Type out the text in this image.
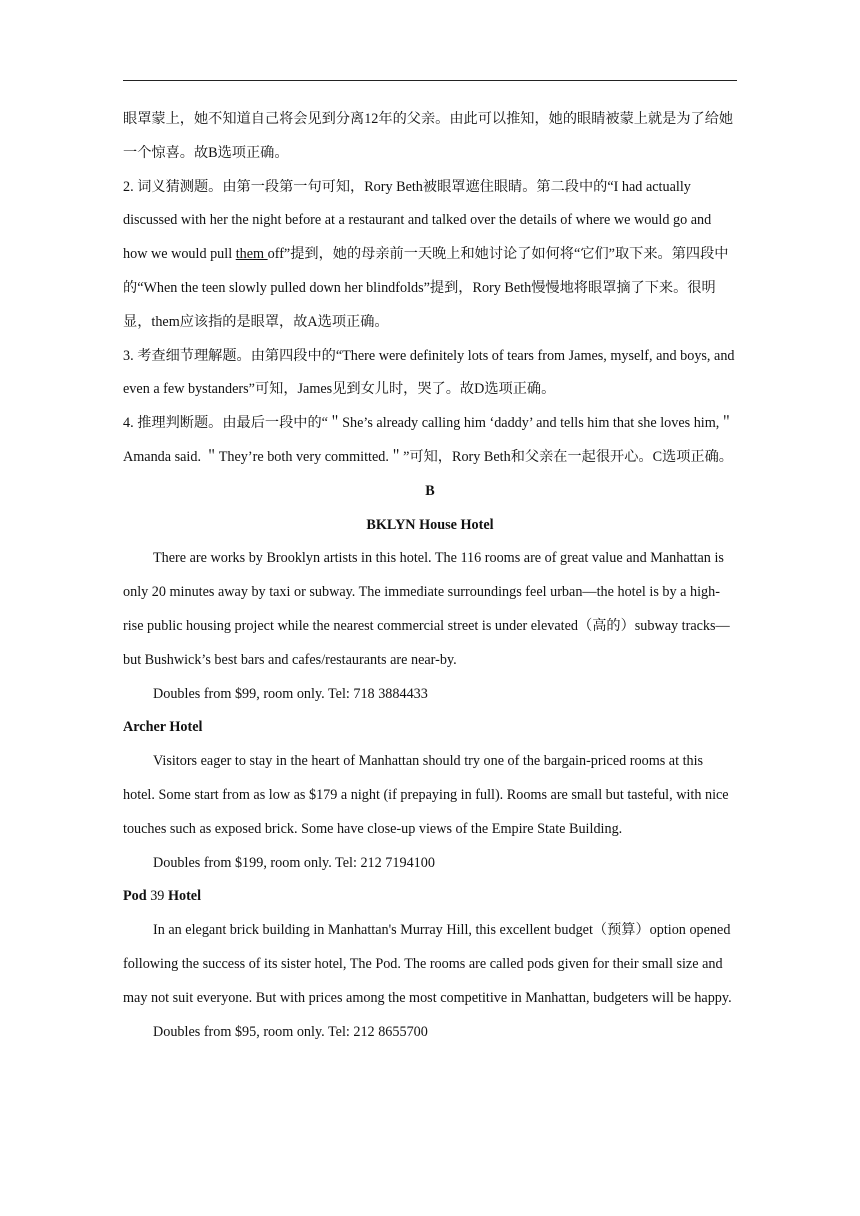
眼罩蒙上，她不知道自己将会见到分离12年的父亲。由此可以推知，她的眼睛被蒙上就是为了给她一个惊喜。故B选项正确。

2. 词义猜测题。由第一段第一句可知，Rory Beth被眼罩遮住眼睛。第二段中的“I had actually discussed with her the night before at a restaurant and talked over the details of where we would go and how we would pull them off”提到，她的母亲前一天晚上和她讨论了如何将“它们”取下来。第四段中的“When the teen slowly pulled down her blindfolds”提到，Rory Beth慢慢地将眼罩摘了下来。很明显，them应该指的是眼罩，故A选项正确。

3. 考查细节理解题。由第四段中的“There were definitely lots of tears from James, myself, and boys, and even a few bystanders”可知，James见到女儿时，哭了。故D选项正确。

4. 推理判断题。由最后一段中的“＂She’s already calling him ‘daddy’ and tells him that she loves him,＂ Amanda said. ＂They’re both very committed.＂”可知，Rory Beth和父亲在一起很开心。C选项正确。

B

BKLYN House Hotel

There are works by Brooklyn artists in this hotel. The 116 rooms are of great value and Manhattan is only 20 minutes away by taxi or subway. The immediate surroundings feel urban—the hotel is by a high-rise public housing project while the nearest commercial street is under elevated（高的）subway tracks—but Bushwick’s best bars and cafes/restaurants are near-by.

Doubles from $99, room only. Tel: 718 3884433

Archer Hotel

Visitors eager to stay in the heart of Manhattan should try one of the bargain-priced rooms at this hotel. Some start from as low as $179 a night (if prepaying in full). Rooms are small but tasteful, with nice touches such as exposed brick. Some have close-up views of the Empire State Building.

Doubles from $199, room only. Tel: 212 7194100

Pod 39 Hotel

In an elegant brick building in Manhattan's Murray Hill, this excellent budget（预算）option opened following the success of its sister hotel, The Pod. The rooms are called pods given for their small size and may not suit everyone. But with prices among the most competitive in Manhattan, budgeters will be happy.

Doubles from $95, room only. Tel: 212 8655700
